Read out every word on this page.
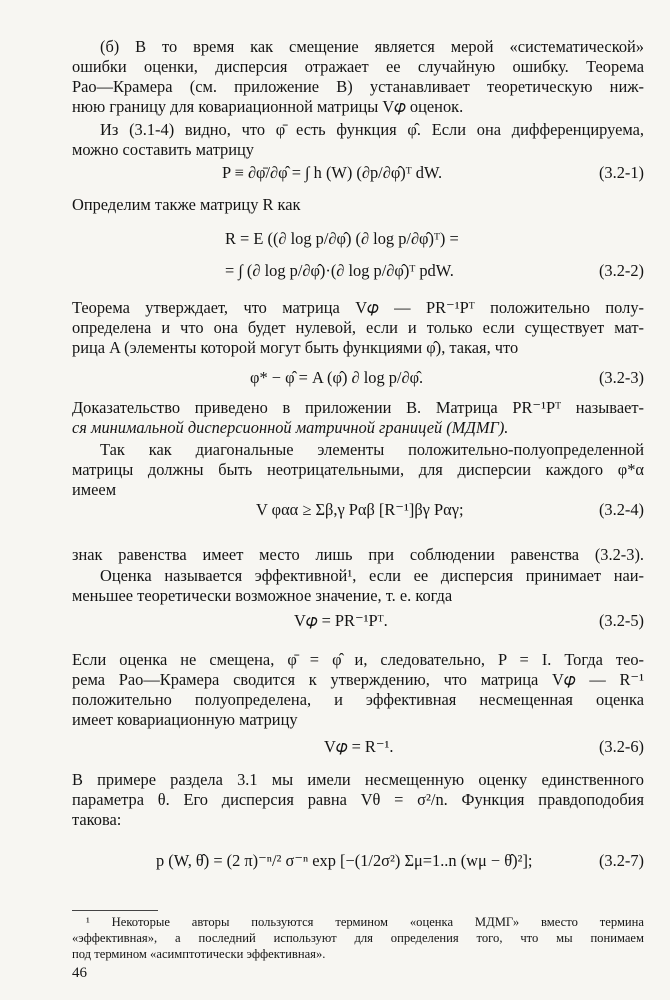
(б) В то время как смещение является мерой «систематической»
ошибки оценки, дисперсия отражает ее случайную ошибку. Теорема
Рао—Крамера (см. приложение В) устанавливает теоретическую ниж-
нюю границу для ковариационной матрицы V𝜑 оценок.
Из (3.1-4) видно, что φ̄ есть функция φ̂. Если она дифференцируема,
можно составить матрицу
P ≡ ∂φ̄/∂φ̂ = ∫ h (W) (∂p/∂φ̂)ᵀ dW.	(3.2-1)
Определим также матрицу R как
R = E ((∂ log p/∂φ̂) (∂ log p/∂φ̂)ᵀ) =
= ∫ (∂ log p/∂φ̂)·(∂ log p/∂φ̂)ᵀ pdW.	(3.2-2)
Теорема утверждает, что матрица V𝜑 — PR⁻¹Pᵀ положительно полу-
определена и что она будет нулевой, если и только если существует мат-
рица A (элементы которой могут быть функциями φ̂), такая, что
φ* − φ̂ = A (φ̂) ∂ log p/∂φ̂.	(3.2-3)
Доказательство приведено в приложении В. Матрица PR⁻¹Pᵀ называет-
ся минимальной дисперсионной матричной границей (МДМГ).
Так как диагональные элементы положительно-полуопределенной
матрицы должны быть неотрицательными, для дисперсии каждого φ*α
имеем
V φαα ≥ Σβ,γ Pαβ [R⁻¹]βγ Pαγ;	(3.2-4)
знак равенства имеет место лишь при соблюдении равенства (3.2-3).
Оценка называется эффективной¹, если ее дисперсия принимает наи-
меньшее теоретически возможное значение, т. е. когда
V𝜑 = PR⁻¹Pᵀ.	(3.2-5)
Если оценка не смещена, φ̄ = φ̂ и, следовательно, P = I. Тогда тео-
рема Рао—Крамера сводится к утверждению, что матрица V𝜑 — R⁻¹
положительно полуопределена, и эффективная несмещенная оценка
имеет ковариационную матрицу
V𝜑 = R⁻¹.	(3.2-6)
В примере раздела 3.1 мы имели несмещенную оценку единственного
параметра θ. Его дисперсия равна Vθ = σ²/n. Функция правдоподобия
такова:
p (W, θ̂) = (2 π)⁻ⁿ/² σ⁻ⁿ exp [−(1/2σ²) Σμ=1..n (wμ − θ̂)²];	(3.2-7)
¹ Некоторые авторы пользуются термином «оценка МДМГ» вместо термина
«эффективная», а последний используют для определения того, что мы понимаем
под термином «асимптотически эффективная».
46
